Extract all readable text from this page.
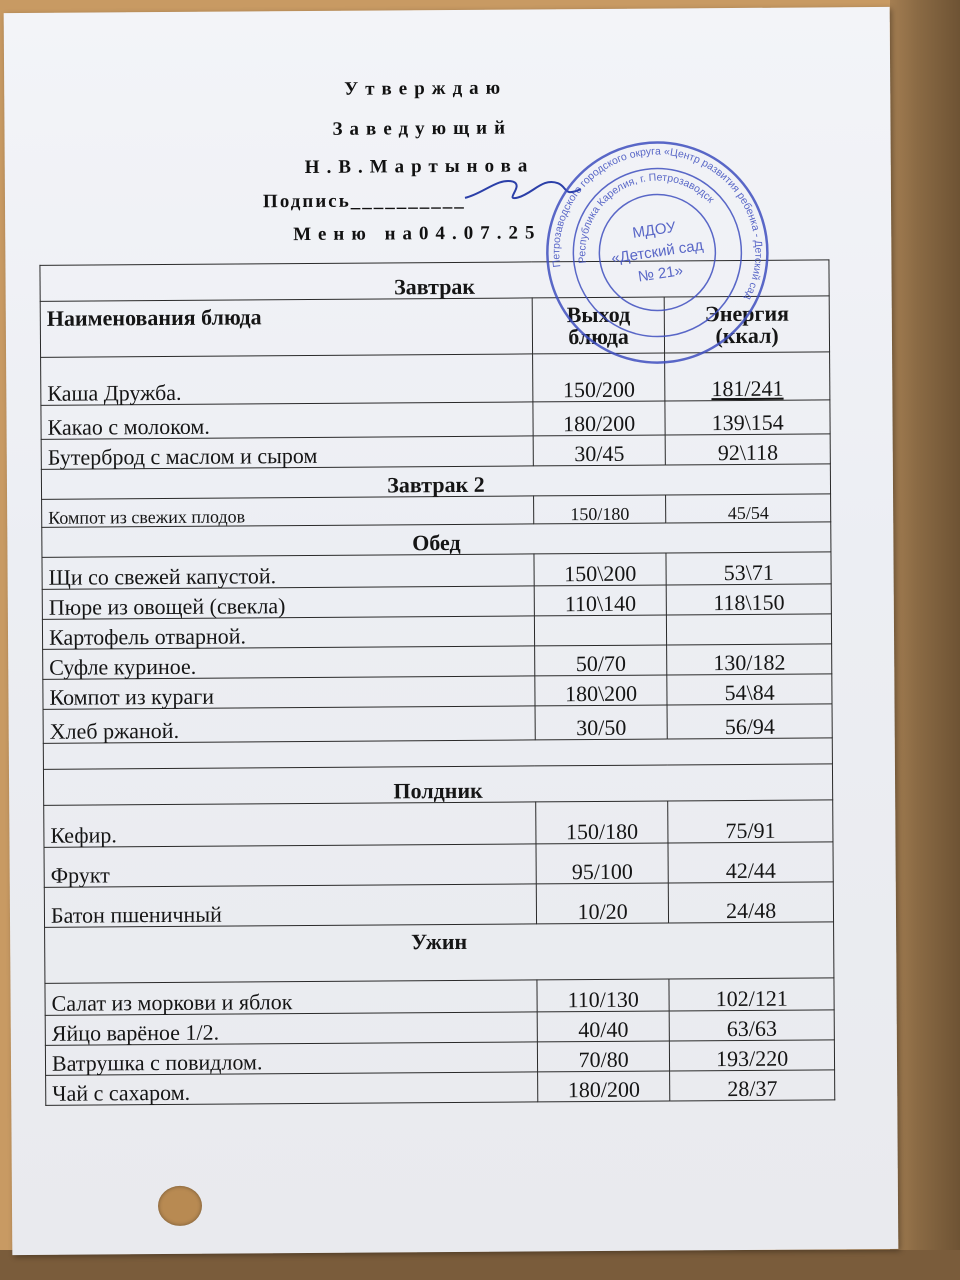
Утверждаю
Заведующий
Н.В.Мартынова
Подпись__________
Меню на04.07.25
Завтрак		
Наименования блюда	Выход блюда	Энергия (ккал)
Каша Дружба.	150/200	181/241
Какао с молоком.	180/200	139\154
Бутерброд с маслом и сыром	30/45	92\118
Завтрак 2		
Компот из свежих плодов	150/180	45/54
Обед		
Щи со свежей капустой.	150\200	53\71
Пюре из овощей (свекла)	110\140	118\150
Картофель отварной.		
Суфле куриное.	50/70	130/182
Компот из кураги	180\200	54\84
Хлеб ржаной.	30/50	56/94

Полдник		
Кефир.	150/180	75/91
Фрукт	95/100	42/44
Батон пшеничный	10/20	24/48
Ужин		
Салат из моркови и яблок	110/130	102/121
Яйцо варёное 1/2.	40/40	63/63
Ватрушка с повидлом.	70/80	193/220
Чай с сахаром.	180/200	28/37
Петрозаводского городского округа «Центр развития ребенка - Детский сад
Республика Карелия, г. Петрозаводск
МДОУ
«Детский сад
№ 21»
